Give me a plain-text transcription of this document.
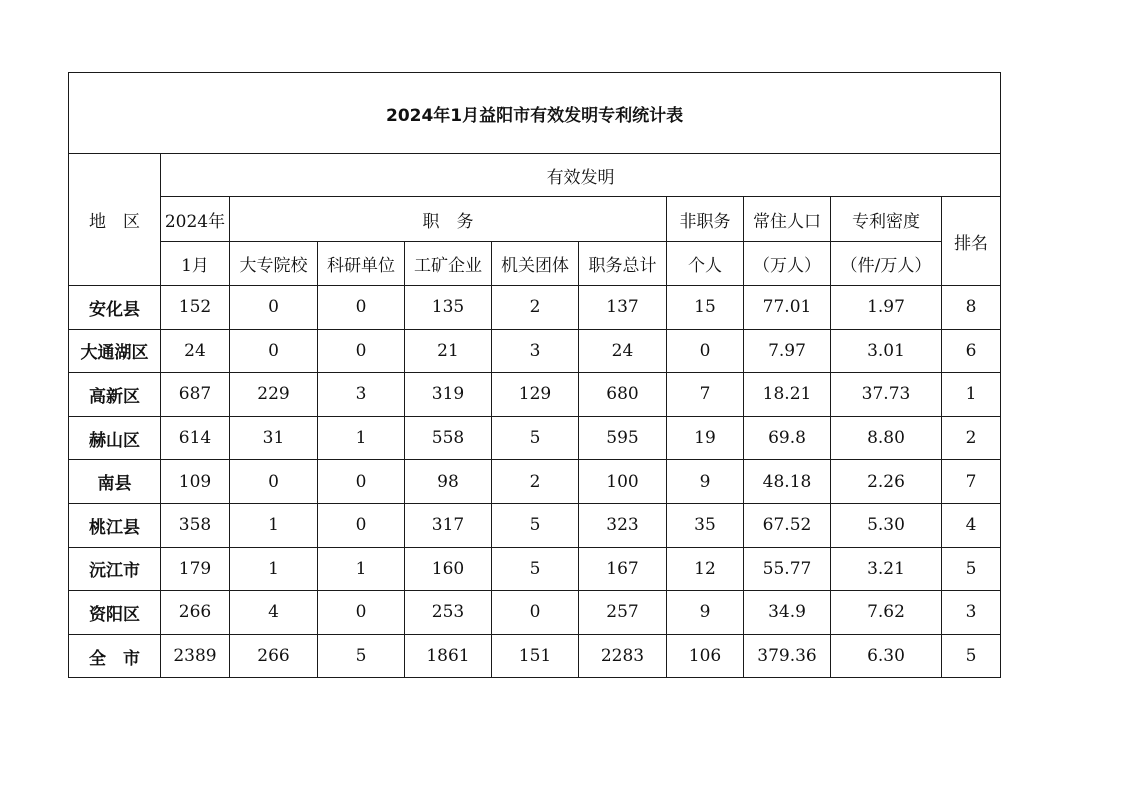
2024年1月益阳市有效发明专利统计表										
地　区	有效发明									
	2024年	职　务					非职务	常住人口	专利密度	排名
	1月	大专院校	科研单位	工矿企业	机关团体	职务总计	个人	（万人）	（件/万人）	
安化县	152	0	0	135	2	137	15	77.01	1.97	8
大通湖区	24	0	0	21	3	24	0	7.97	3.01	6
高新区	687	229	3	319	129	680	7	18.21	37.73	1
赫山区	614	31	1	558	5	595	19	69.8	8.80	2
南县	109	0	0	98	2	100	9	48.18	2.26	7
桃江县	358	1	0	317	5	323	35	67.52	5.30	4
沅江市	179	1	1	160	5	167	12	55.77	3.21	5
资阳区	266	4	0	253	0	257	9	34.9	7.62	3
全　市	2389	266	5	1861	151	2283	106	379.36	6.30	5
